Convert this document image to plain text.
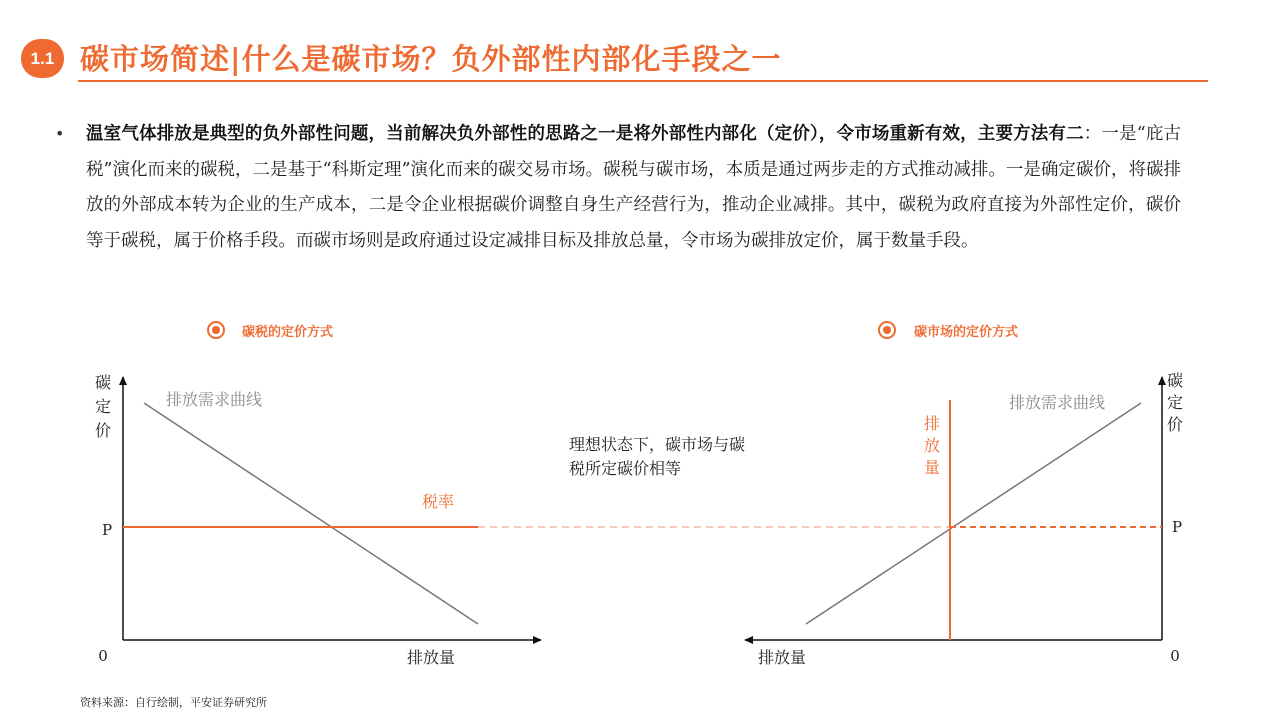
1.1 碳市场简述|什么是碳市场？负外部性内部化手段之一
• 温室气体排放是典型的负外部性问题，当前解决负外部性的思路之一是将外部性内部化（定价），令市场重新有效，主要方法有二：一是“庇古税”演化而来的碳税，二是基于“科斯定理”演化而来的碳交易市场。碳税与碳市场，本质是通过两步走的方式推动减排。一是确定碳价，将碳排放的外部成本转为企业的生产成本，二是令企业根据碳价调整自身生产经营行为，推动企业减排。其中，碳税为政府直接为外部性定价，碳价等于碳税，属于价格手段。而碳市场则是政府通过设定减排目标及排放总量，令市场为碳排放定价，属于数量手段。
碳税的定价方式
碳
定
价
P
0	排放量
排放需求曲线
税率
理想状态下，碳市场与碳
税所定碳价相等
碳市场的定价方式
碳
定
价
P
0
排放量
排放需求曲线
排
放
量
资料来源：自行绘制，平安证券研究所
